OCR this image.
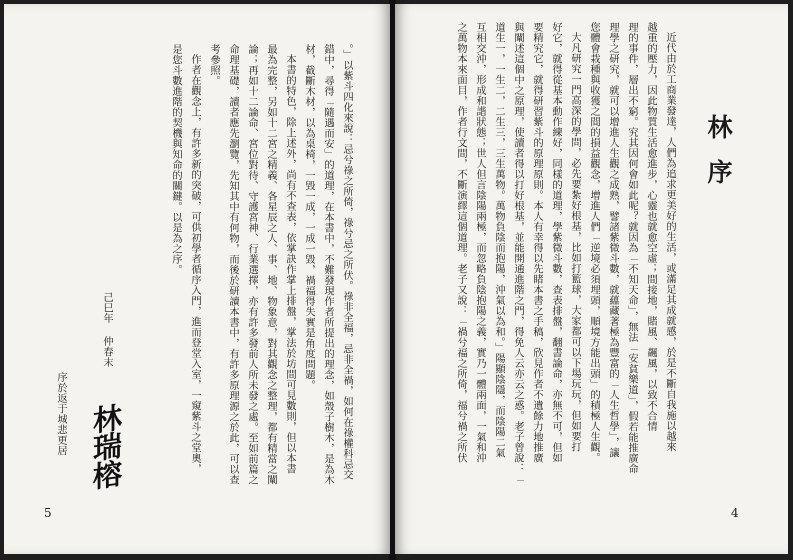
林序
近代由於工商業發達，人們為追求更美好的生活，或滿足其成就感，於是不斷自我施以越來
越重的壓力，因此物質生活愈進步，心靈也就愈空虛；間接地，賭風、飆風，以致不合情
理的事件，層出不窮。究其因何會如此呢？就因為「不知天命」，無法「安貧樂道」，假若能推廣命
理學之研究，就可以增進人生觀之成熟，譬諸紫微斗數，就蘊藏著極為豐富的「人生哲學」，讓
您體會栽種與收獲之間的損益觀念，增進人們「逆境必須埋頭，順境方能出頭」的積極人生觀。
大凡研究一門高深的學問，必先要紮好根基，比如打籃球，大家都可以下場玩玩，但如要打
好它，就得從基本動作練好，同樣的道理，學紫微斗數，查表排盤，翻書論命，亦無不可，但如
要精究它，就得研習紫斗的原理原則。本人有幸得以先睹本書之手稿，欣見作者不遺餘力地推廣
與闡述這個中之原理，使讀者得以打好根基，並能開通進階之門，得免人云亦云之惑。老子曾說：「
道生一，一生二，二生三，三生萬物。萬物負陰而抱陽，沖氣以為和。」陽顯陰隱，而陰陽二氣
互相交沖，形成和諧狀態；世人但言陰陽兩極，而忽略負陰抱陽之義，實乃一體兩面，一氣和沖
之萬物本來面目，作者行文間，不斷演繹這個道理。老子又說：「禍兮福之所倚，福兮禍之所伏
4
。」以紫斗四化來說：忌兮祿之所倚，祿兮忌之所伏。祿非全福，忌非全禍，如何在祿權科忌交
錯中，尋得「隨遇而安」的道理，在本書中，不難發現作者所提出的理念，如殼子樹木，是為木
材，截斷木材，以為桌椅，一毀一成，一成一毀，禍福得失實是角度問題。
本書的特色，除上述外，尚有不查表，依掌訣作掌上排盤，掌法於坊間可見數則，但以本書
最為完整，另如十二宮之精義、各星辰之人、事、地、物象意，對其觀念之整理，都有精當之闡
論；再如十二論命、宮位對待、守護宮神、行業選擇，亦有許多發前人所未發之處。至如前篇之
命理基礎，讀者應先瀏覽，先知其中有何物，而後於研讀本書中，有許多原理源之於此，可以查
考參照。
作者在觀念上，有許多新的突破，可供初學者循序入門，進而登堂入室，一窺紫斗之堂奧，
是您斗數進階的契機與知命的關鍵。以是為之序。
己巳年 仲春末
林瑞榕
序於返于城悲更居
5
